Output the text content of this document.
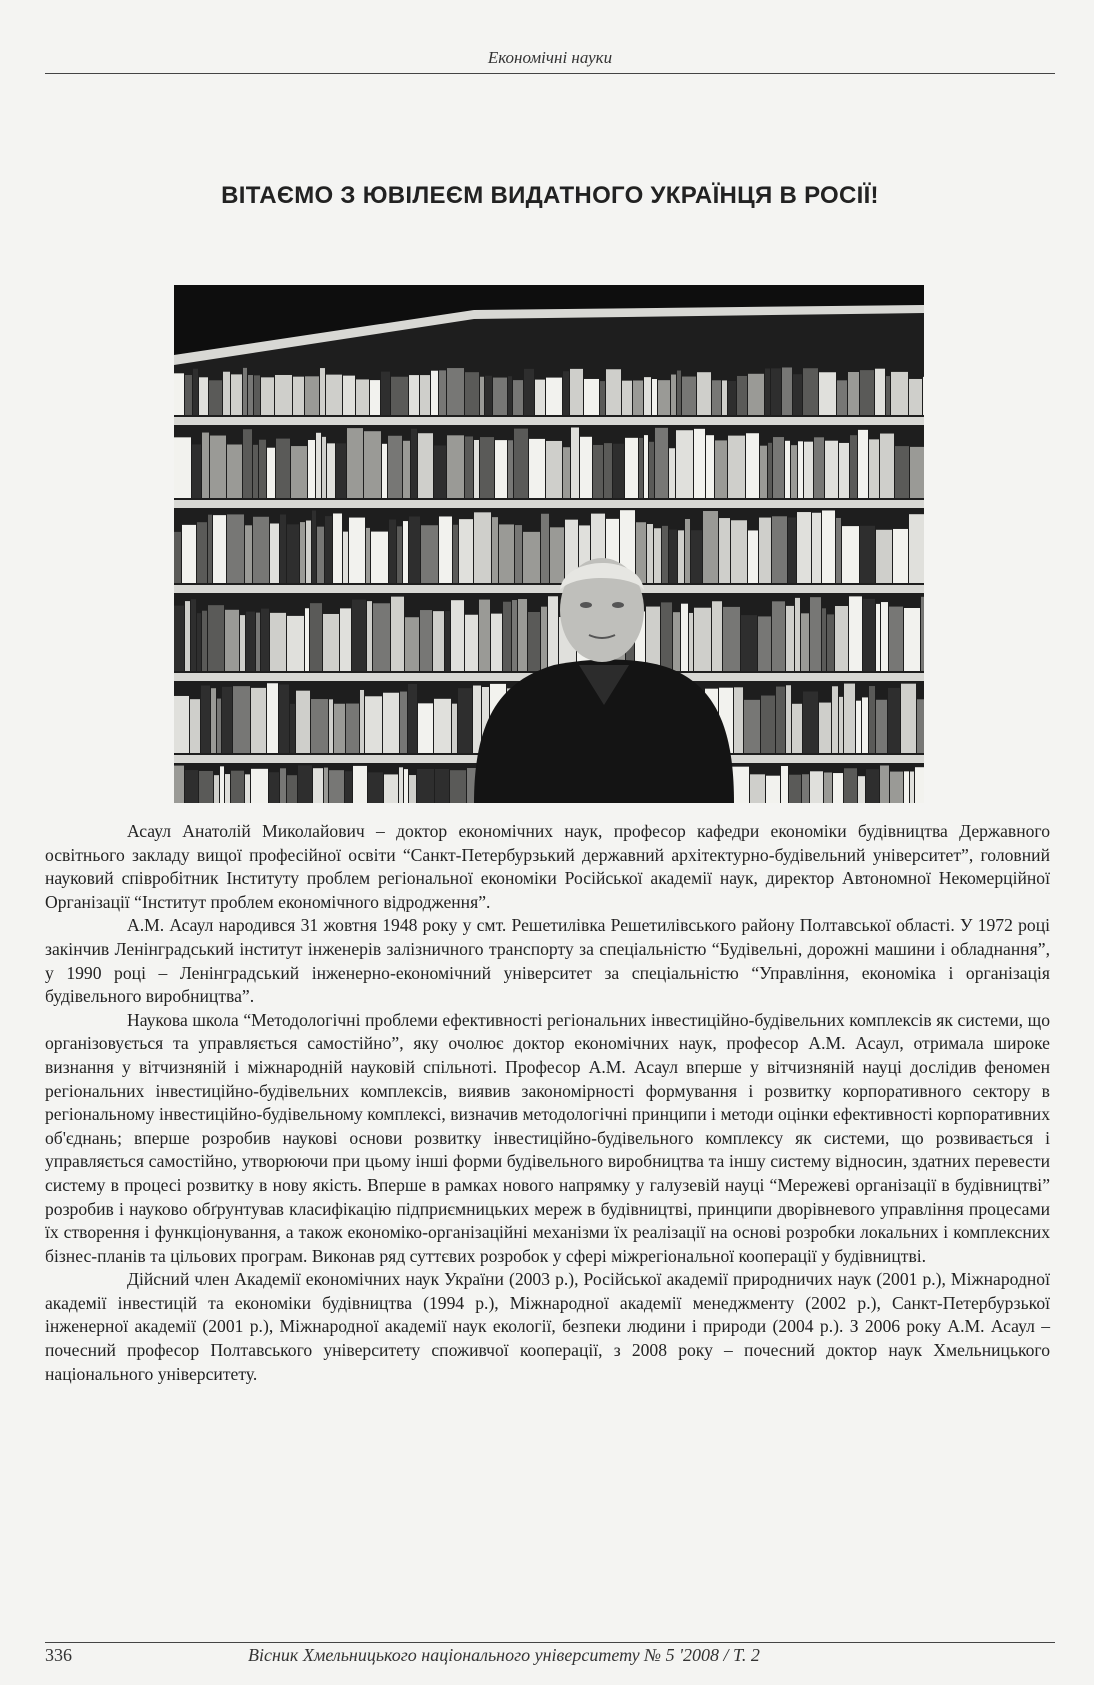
Економічні науки
ВІТАЄМО З ЮВІЛЕЄМ ВИДАТНОГО УКРАЇНЦЯ В РОСІЇ!

Асаул Анатолій Миколайович – доктор економічних наук, професор кафедри економіки будівництва Державного освітнього закладу вищої професійної освіти “Санкт-Петербурзький державний архітектурно-будівельний університет”, головний науковий співробітник Інституту проблем регіональної економіки Російської академії наук, директор Автономної Некомерційної Організації “Інститут проблем економічного відродження”.

А.М. Асаул народився 31 жовтня 1948 року у смт. Решетилівка Решетилівського району Полтавської області. У 1972 році закінчив Ленінградський інститут інженерів залізничного транспорту за спеціальністю “Будівельні, дорожні машини і обладнання”, у 1990 році – Ленінградський інженерно-економічний університет за спеціальністю “Управління, економіка і організація будівельного виробництва”.

Наукова школа “Методологічні проблеми ефективності регіональних інвестиційно-будівельних комплексів як системи, що організовується та управляється самостійно”, яку очолює доктор економічних наук, професор А.М. Асаул, отримала широке визнання у вітчизняній і міжнародній науковій спільноті. Професор А.М. Асаул вперше у вітчизняній науці дослідив феномен регіональних інвестиційно-будівельних комплексів, виявив закономірності формування і розвитку корпоративного сектору в регіональному інвестиційно-будівельному комплексі, визначив методологічні принципи і методи оцінки ефективності корпоративних об'єднань; вперше розробив наукові основи розвитку інвестиційно-будівельного комплексу як системи, що розвивається і управляється самостійно, утворюючи при цьому інші форми будівельного виробництва та іншу систему відносин, здатних перевести систему в процесі розвитку в нову якість. Вперше в рамках нового напрямку у галузевій науці “Мережеві організації в будівництві” розробив і науково обґрунтував класифікацію підприємницьких мереж в будівництві, принципи дворівневого управління процесами їх створення і функціонування, а також економіко-організаційні механізми їх реалізації на основі розробки локальних і комплексних бізнес-планів та цільових програм. Виконав ряд суттєвих розробок у сфері міжрегіональної кооперації у будівництві.

Дійсний член Академії економічних наук України (2003 р.), Російської академії природничих наук (2001 р.), Міжнародної академії інвестицій та економіки будівництва (1994 р.), Міжнародної академії менеджменту (2002 р.), Санкт-Петербурзької інженерної академії (2001 р.), Міжнародної академії наук екології, безпеки людини і природи (2004 р.). З 2006 року А.М. Асаул – почесний професор Полтавського університету споживчої кооперації, з 2008 року – почесний доктор наук Хмельницького національного університету.

336	Вісник Хмельницького національного університету № 5 '2008 / Т. 2
